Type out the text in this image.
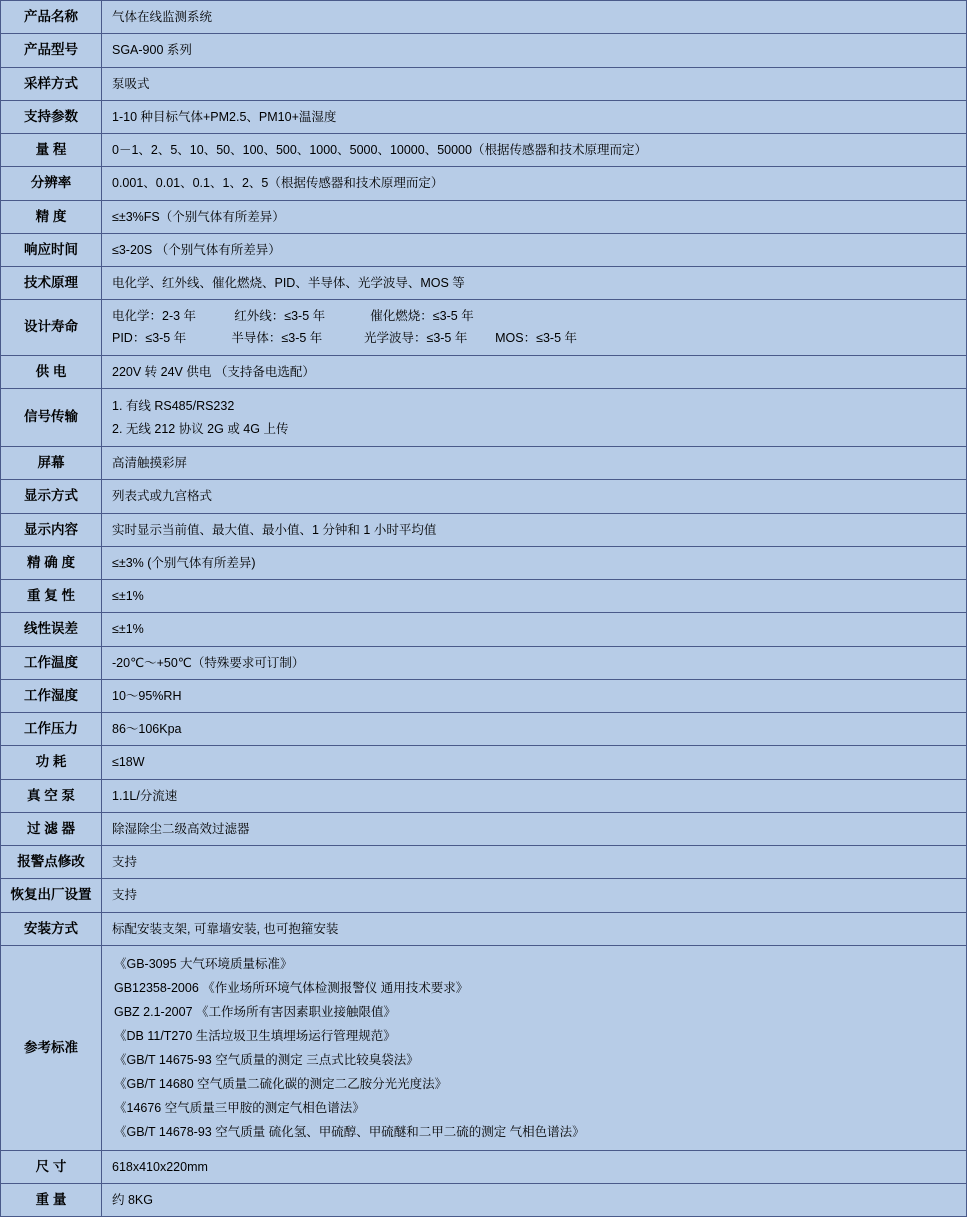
产品名称	气体在线监测系统
产品型号	SGA-900 系列
采样方式	泵吸式
支持参数	1-10 种目标气体+PM2.5、PM10+温湿度
量 程	0－1、2、5、10、50、100、500、1000、5000、10000、50000（根据传感器和技术原理而定）
分辨率	0.001、0.01、0.1、1、2、5（根据传感器和技术原理而定）
精 度	≤±3%FS（个别气体有所差异）
响应时间	≤3-20S （个别气体有所差异）
技术原理	电化学、红外线、催化燃烧、PID、半导体、光学波导、MOS 等
设计寿命	电化学：2-3 年           红外线：≤3-5 年             催化燃烧：≤3-5 年
PID：≤3-5 年             半导体：≤3-5 年            光学波导：≤3-5 年        MOS：≤3-5 年

供 电	220V 转 24V 供电 （支持备电选配）
信号传输	1. 有线 RS485/RS232
2. 无线 212 协议 2G 或 4G 上传

屏幕	高清触摸彩屏
显示方式	列表式或九宫格式
显示内容	实时显示当前值、最大值、最小值、1 分钟和 1 小时平均值
精 确 度	≤±3% (个别气体有所差异)
重 复 性	≤±1%
线性误差	≤±1%
工作温度	-20℃～+50℃（特殊要求可订制）
工作湿度	10～95%RH
工作压力	86～106Kpa
功 耗	≤18W
真 空 泵	1.1L/分流速
过 滤 器	除湿除尘二级高效过滤器
报警点修改	支持
恢复出厂设置	支持
安装方式	标配安装支架, 可靠墙安装, 也可抱箍安装
参考标准	
《GB-3095 大气环境质量标准》
GB12358-2006 《作业场所环境气体检测报警仪 通用技术要求》
GBZ 2.1-2007 《工作场所有害因素职业接触限值》
《DB 11/T270 生活垃圾卫生填埋场运行管理规范》
《GB/T 14675-93 空气质量的测定 三点式比较臭袋法》
《GB/T 14680 空气质量二硫化碳的测定二乙胺分光光度法》
《14676 空气质量三甲胺的测定气相色谱法》
《GB/T 14678-93 空气质量 硫化氢、甲硫醇、甲硫醚和二甲二硫的测定 气相色谱法》

尺 寸	618x410x220mm
重 量	约 8KG
